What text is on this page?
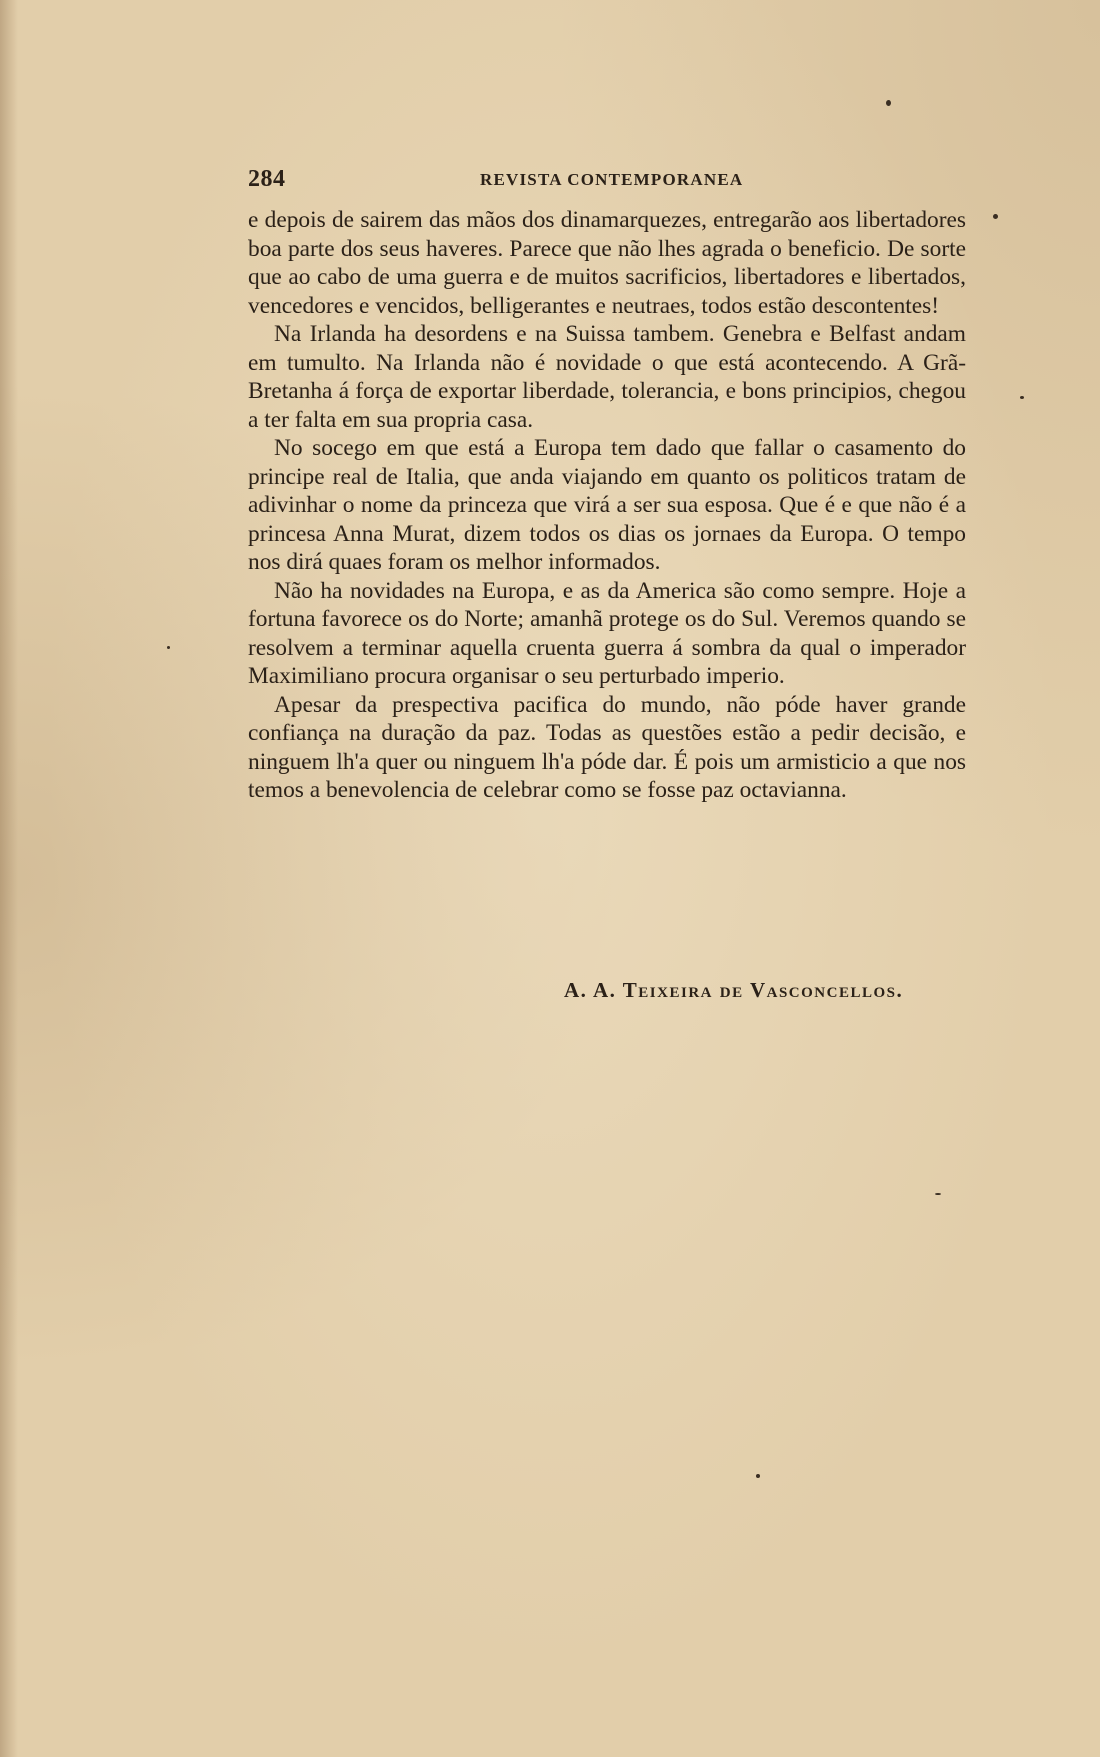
284	REVISTA CONTEMPORANEA

e depois de sairem das mãos dos dinamarquezes, entregarão aos libertadores boa parte dos seus haveres. Parece que não lhes agrada o beneficio. De sorte que ao cabo de uma guerra e de muitos sacrificios, libertadores e libertados, vencedores e vencidos, belligerantes e neutraes, todos estão descontentes!

Na Irlanda ha desordens e na Suissa tambem. Genebra e Belfast andam em tumulto. Na Irlanda não é novidade o que está acontecendo. A Grã-Bretanha á força de exportar liberdade, tolerancia, e bons principios, chegou a ter falta em sua propria casa.

No socego em que está a Europa tem dado que fallar o casamento do principe real de Italia, que anda viajando em quanto os politicos tratam de adivinhar o nome da princeza que virá a ser sua esposa. Que é e que não é a princesa Anna Murat, dizem todos os dias os jornaes da Europa. O tempo nos dirá quaes foram os melhor informados.

Não ha novidades na Europa, e as da America são como sempre. Hoje a fortuna favorece os do Norte; amanhã protege os do Sul. Veremos quando se resolvem a terminar aquella cruenta guerra á sombra da qual o imperador Maximiliano procura organisar o seu perturbado imperio.

Apesar da prespectiva pacifica do mundo, não póde haver grande confiança na duração da paz. Todas as questões estão a pedir decisão, e ninguem lh'a quer ou ninguem lh'a póde dar. É pois um armisticio a que nos temos a benevolencia de celebrar como se fosse paz octavianna.

A. A. Teixeira de Vasconcellos.
